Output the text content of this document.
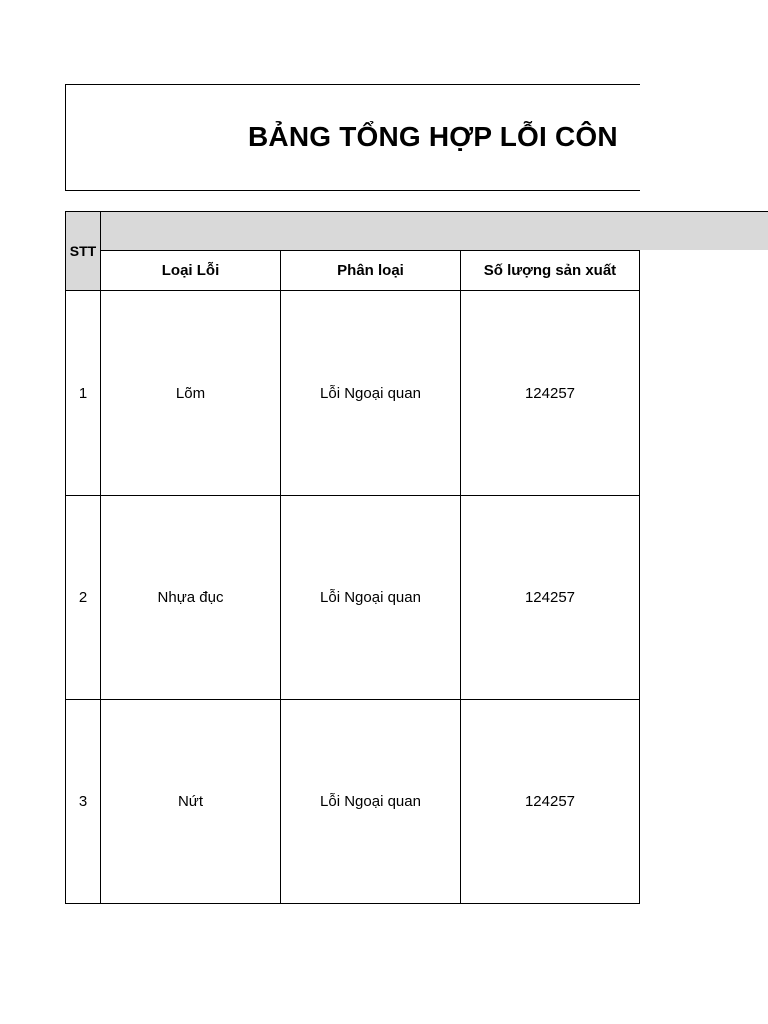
BẢNG TỔNG HỢP LỖI CÔN
STT
Loại Lỗi	Phân loại	Số lượng sản xuất
1	Lõm	Lỗi Ngoại quan	124257
2	Nhựa đục	Lỗi Ngoại quan	124257
3	Nứt	Lỗi Ngoại quan	124257
